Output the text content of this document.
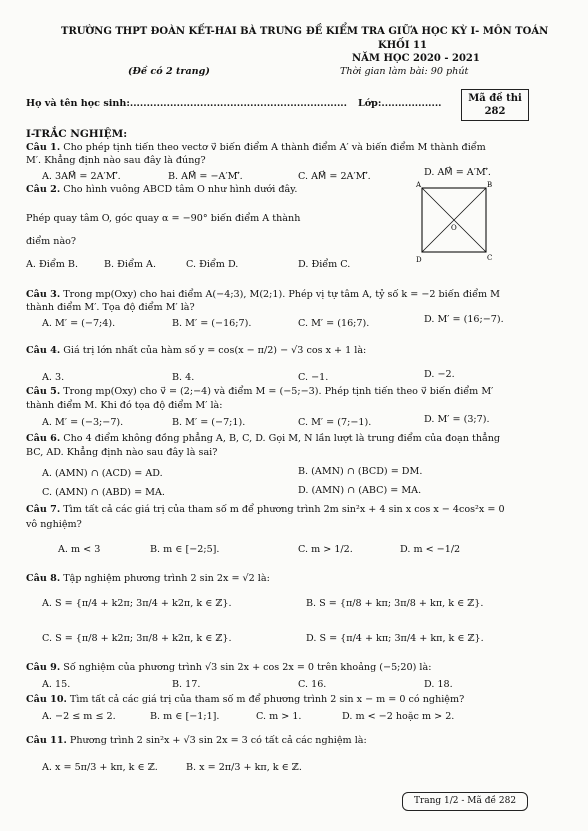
TRƯỜNG THPT ĐOÀN KẾT-HAI BÀ TRƯNG ĐỀ KIỂM TRA GIỮA HỌC KỲ I- MÔN TOÁN
KHỐI 11
NĂM HỌC 2020 - 2021
(Đề có 2 trang)	Thời gian làm bài: 90 phút
Họ và tên học sinh:................................................................. Lớp:..................	Mã đề thi
282
I-TRẮC NGHIỆM:
Câu 1. Cho phép tịnh tiến theo vectơ v⃗ biến điểm A thành điểm A′ và biến điểm M thành điểm
M′. Khẳng định nào sau đây là đúng?
A. 3AM⃗ = 2A′M′⃗.	B. AM⃗ = −A′M′⃗.	C. AM⃗ = 2A′M′⃗.	D. AM⃗ = A′M′⃗.
Câu 2. Cho hình vuông ABCD tâm O như hình dưới đây.
Phép quay tâm O, góc quay α = −90° biến điểm A thành
điểm nào?
A. Điểm B.	B. Điểm A.	C. Điểm D.	D. Điểm C.
A	B
C
D
O
Câu 3. Trong mp(Oxy) cho hai điểm A(−4;3), M(2;1). Phép vị tự tâm A, tỷ số k = −2 biến điểm M
thành điểm M′. Tọa độ điểm M′ là?
A. M′ = (−7;4).	B. M′ = (−16;7).	C. M′ = (16;7).	D. M′ = (16;−7).
Câu 4. Giá trị lớn nhất của hàm số y = cos(x − π/2) − √3 cos x + 1 là:
A. 3.	B. 4.	C. −1.	D. −2.
Câu 5. Trong mp(Oxy) cho v⃗ = (2;−4) và điểm M = (−5;−3). Phép tịnh tiến theo v⃗ biến điểm M′
thành điểm M. Khi đó tọa độ điểm M′ là:
A. M′ = (−3;−7).	B. M′ = (−7;1).	C. M′ = (7;−1).	D. M′ = (3;7).
Câu 6. Cho 4 điểm không đồng phẳng A, B, C, D. Gọi M, N lần lượt là trung điểm của đoạn thẳng
BC, AD. Khẳng định nào sau đây là sai?
A. (AMN) ∩ (ACD) = AD.	B. (AMN) ∩ (BCD) = DM.
C. (AMN) ∩ (ABD) = MA.	D. (AMN) ∩ (ABC) = MA.
Câu 7. Tìm tất cả các giá trị của tham số m để phương trình 2m sin²x + 4 sin x cos x − 4cos²x = 0
vô nghiệm?
A. m < 3	B. m ∈ [−2;5].	C. m > 1/2.	D. m < −1/2
Câu 8. Tập nghiệm phương trình 2 sin 2x = √2 là:
A. S = {π/4 + k2π; 3π/4 + k2π, k ∈ ℤ}.	B. S = {π/8 + kπ; 3π/8 + kπ, k ∈ ℤ}.
C. S = {π/8 + k2π; 3π/8 + k2π, k ∈ ℤ}.	D. S = {π/4 + kπ; 3π/4 + kπ, k ∈ ℤ}.
Câu 9. Số nghiệm của phương trình √3 sin 2x + cos 2x = 0 trên khoảng (−5;20) là:
A. 15.	B. 17.	C. 16.	D. 18.
Câu 10. Tìm tất cả các giá trị của tham số m để phương trình 2 sin x − m = 0 có nghiệm?
A. −2 ≤ m ≤ 2.	B. m ∈ [−1;1].	C. m > 1.	D. m < −2 hoặc m > 2.
Câu 11. Phương trình 2 sin²x + √3 sin 2x = 3 có tất cả các nghiệm là:
A. x = 5π/3 + kπ, k ∈ ℤ.	B. x = 2π/3 + kπ, k ∈ ℤ.
Trang 1/2 - Mã đề 282
